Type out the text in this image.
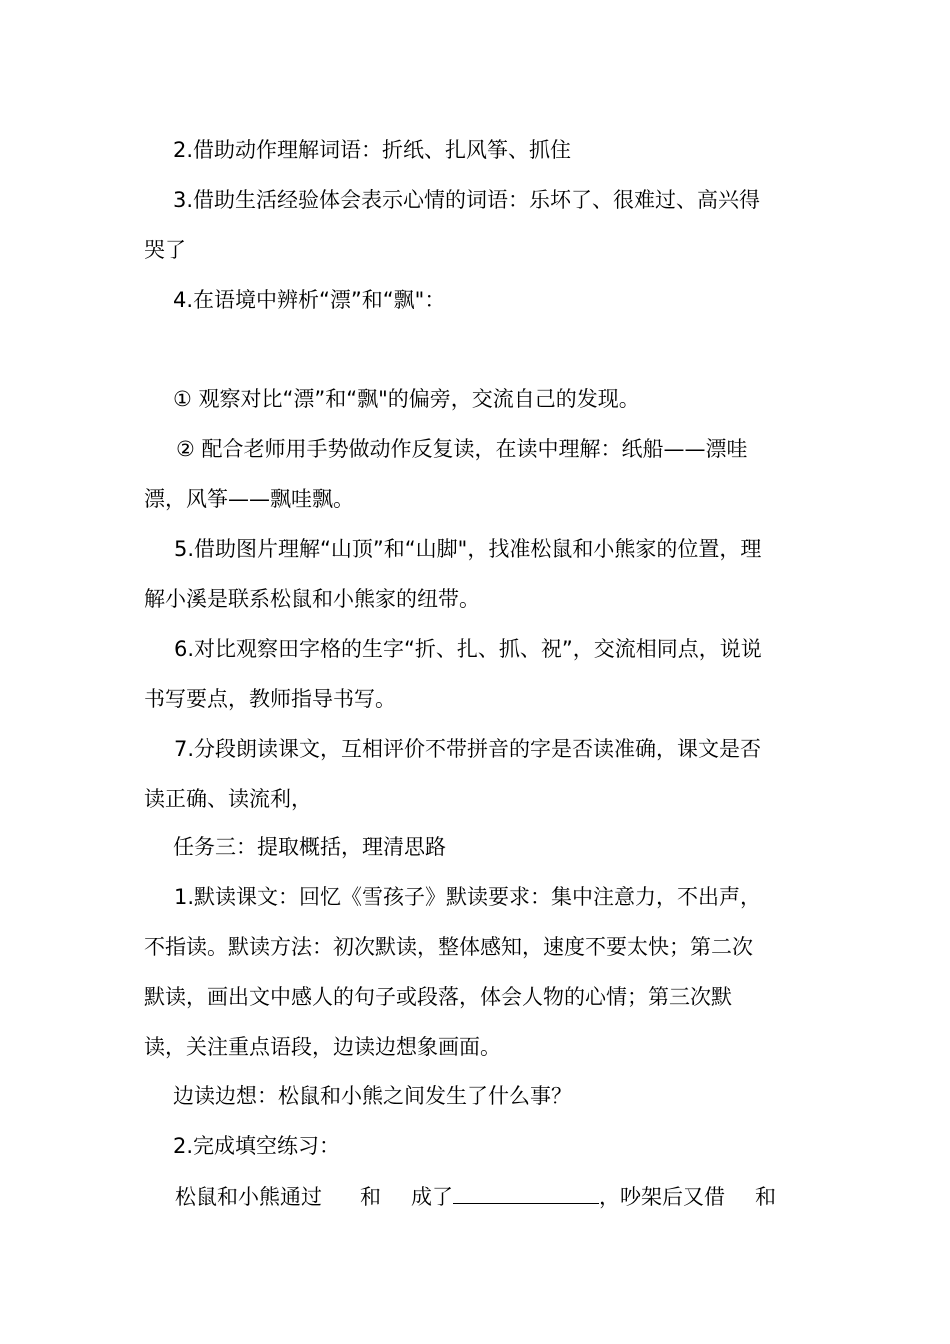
2.借助动作理解词语：折纸、扎风筝、抓住
3.借助生活经验体会表示心情的词语：乐坏了、很难过、高兴得
哭了
4.在语境中辨析“漂”和“飘"：
① 观察对比“漂”和“飘"的偏旁，交流自己的发现。
② 配合老师用手势做动作反复读，在读中理解：纸船——漂哇
漂，风筝——飘哇飘。
5.借助图片理解“山顶”和“山脚"，找准松鼠和小熊家的位置，理
解小溪是联系松鼠和小熊家的纽带。
6.对比观察田字格的生字“折、扎、抓、祝”，交流相同点，说说
书写要点，教师指导书写。
7.分段朗读课文，互相评价不带拼音的字是否读准确，课文是否
读正确、读流利，
任务三：提取概括，理清思路
1.默读课文：回忆《雪孩子》默读要求：集中注意力，不出声，
不指读。默读方法：初次默读，整体感知，速度不要太快；第二次
默读，画出文中感人的句子或段落，体会人物的心情；第三次默
读，关注重点语段，边读边想象画面。
边读边想：松鼠和小熊之间发生了什么事？
2.完成填空练习：
松鼠和小熊通过 和 成了	，吵架后又借 和
